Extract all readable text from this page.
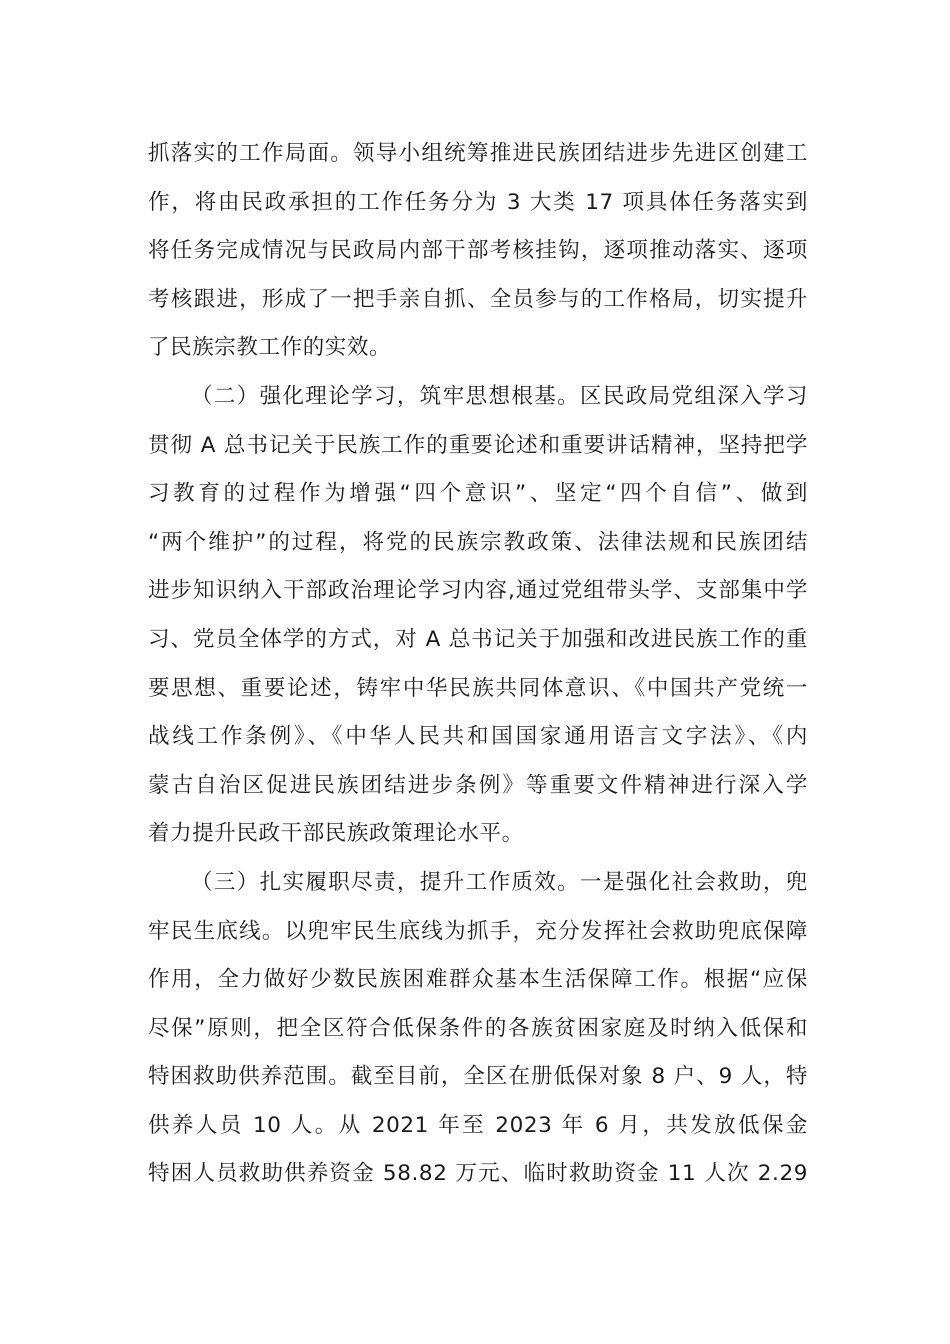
抓落实的工作局面。领导小组统筹推进民族团结进步先进区创建工
作，将由民政承担的工作任务分为 3 大类 17 项具体任务落实到
将任务完成情况与民政局内部干部考核挂钩，逐项推动落实、逐项
考核跟进，形成了一把手亲自抓、全员参与的工作格局，切实提升
了民族宗教工作的实效。
（二）强化理论学习，筑牢思想根基。区民政局党组深入学习
贯彻 A 总书记关于民族工作的重要论述和重要讲话精神，坚持把学
习教育的过程作为增强“四个意识”、坚定“四个自信”、做到
“两个维护”的过程，将党的民族宗教政策、法律法规和民族团结
进步知识纳入干部政治理论学习内容,通过党组带头学、支部集中学
习、党员全体学的方式，对 A 总书记关于加强和改进民族工作的重
要思想、重要论述，铸牢中华民族共同体意识、《中国共产党统一
战线工作条例》、《中华人民共和国国家通用语言文字法》、《内
蒙古自治区促进民族团结进步条例》等重要文件精神进行深入学
着力提升民政干部民族政策理论水平。
（三）扎实履职尽责，提升工作质效。一是强化社会救助，兜
牢民生底线。以兜牢民生底线为抓手，充分发挥社会救助兜底保障
作用，全力做好少数民族困难群众基本生活保障工作。根据“应保
尽保”原则，把全区符合低保条件的各族贫困家庭及时纳入低保和
特困救助供养范围。截至目前，全区在册低保对象 8 户、9 人，特
供养人员 10 人。从 2021 年至 2023 年 6 月，共发放低保金
特困人员救助供养资金 58.82 万元、临时救助资金 11 人次 2.29
